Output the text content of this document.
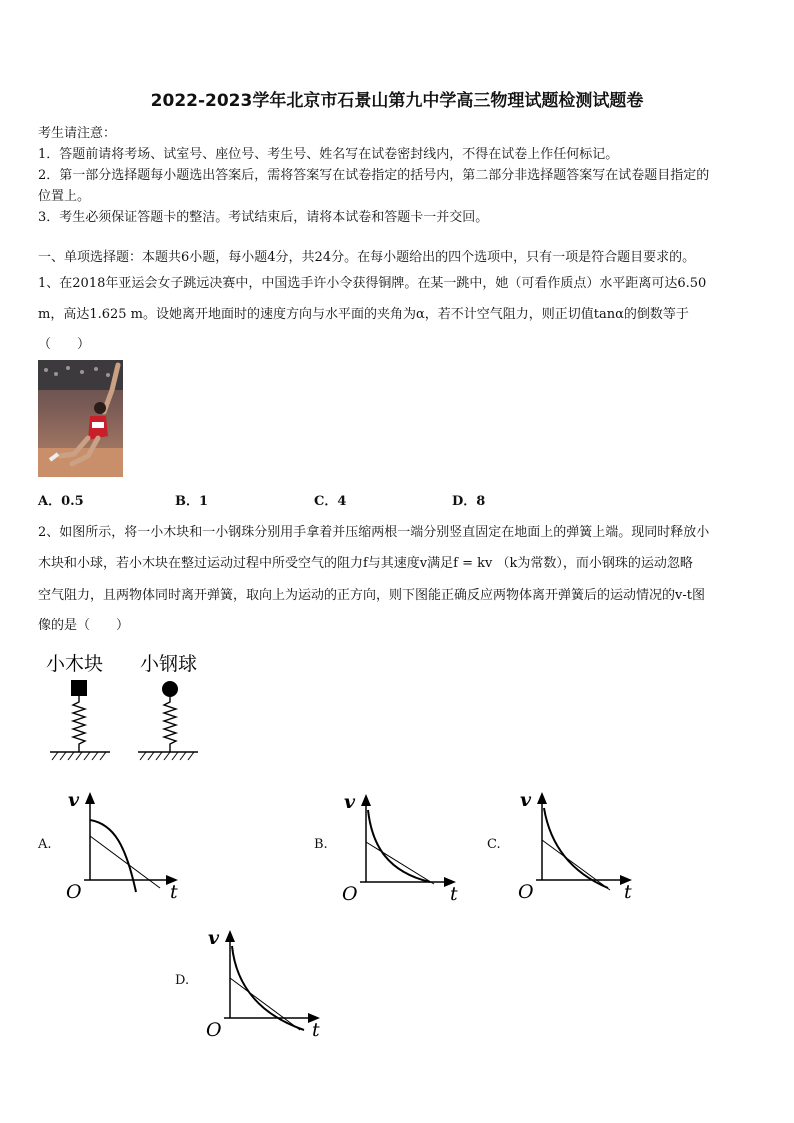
2022-2023学年北京市石景山第九中学高三物理试题检测试题卷
考生请注意：
1．答题前请将考场、试室号、座位号、考生号、姓名写在试卷密封线内，不得在试卷上作任何标记。
2．第一部分选择题每小题选出答案后，需将答案写在试卷指定的括号内，第二部分非选择题答案写在试卷题目指定的
位置上。
3．考生必须保证答题卡的整洁。考试结束后，请将本试卷和答题卡一并交回。
一、单项选择题：本题共6小题，每小题4分，共24分。在每小题给出的四个选项中，只有一项是符合题目要求的。
1、在2018年亚运会女子跳远决赛中，中国选手许小令获得铜牌。在某一跳中，她（可看作质点）水平距离可达6.50
m，高达1.625 m。设她离开地面时的速度方向与水平面的夹角为α，若不计空气阻力，则正切值tanα的倒数等于
（　　）
A．0.5	B．1	C．4	D．8
2、如图所示，将一小木块和一小钢珠分别用手拿着并压缩两根一端分别竖直固定在地面上的弹簧上端。现同时释放小
木块和小球，若小木块在整过运动过程中所受空气的阻力f与其速度v满足f = kv （k为常数），而小钢珠的运动忽略
空气阻力，且两物体同时离开弹簧，取向上为运动的正方向，则下图能正确反应两物体离开弹簧后的运动情况的v-t图
像的是（　　）
小木块 小钢球
A.
v
O	t
B.
v
O	t
C.
v
O	t
D.
v
O	t
